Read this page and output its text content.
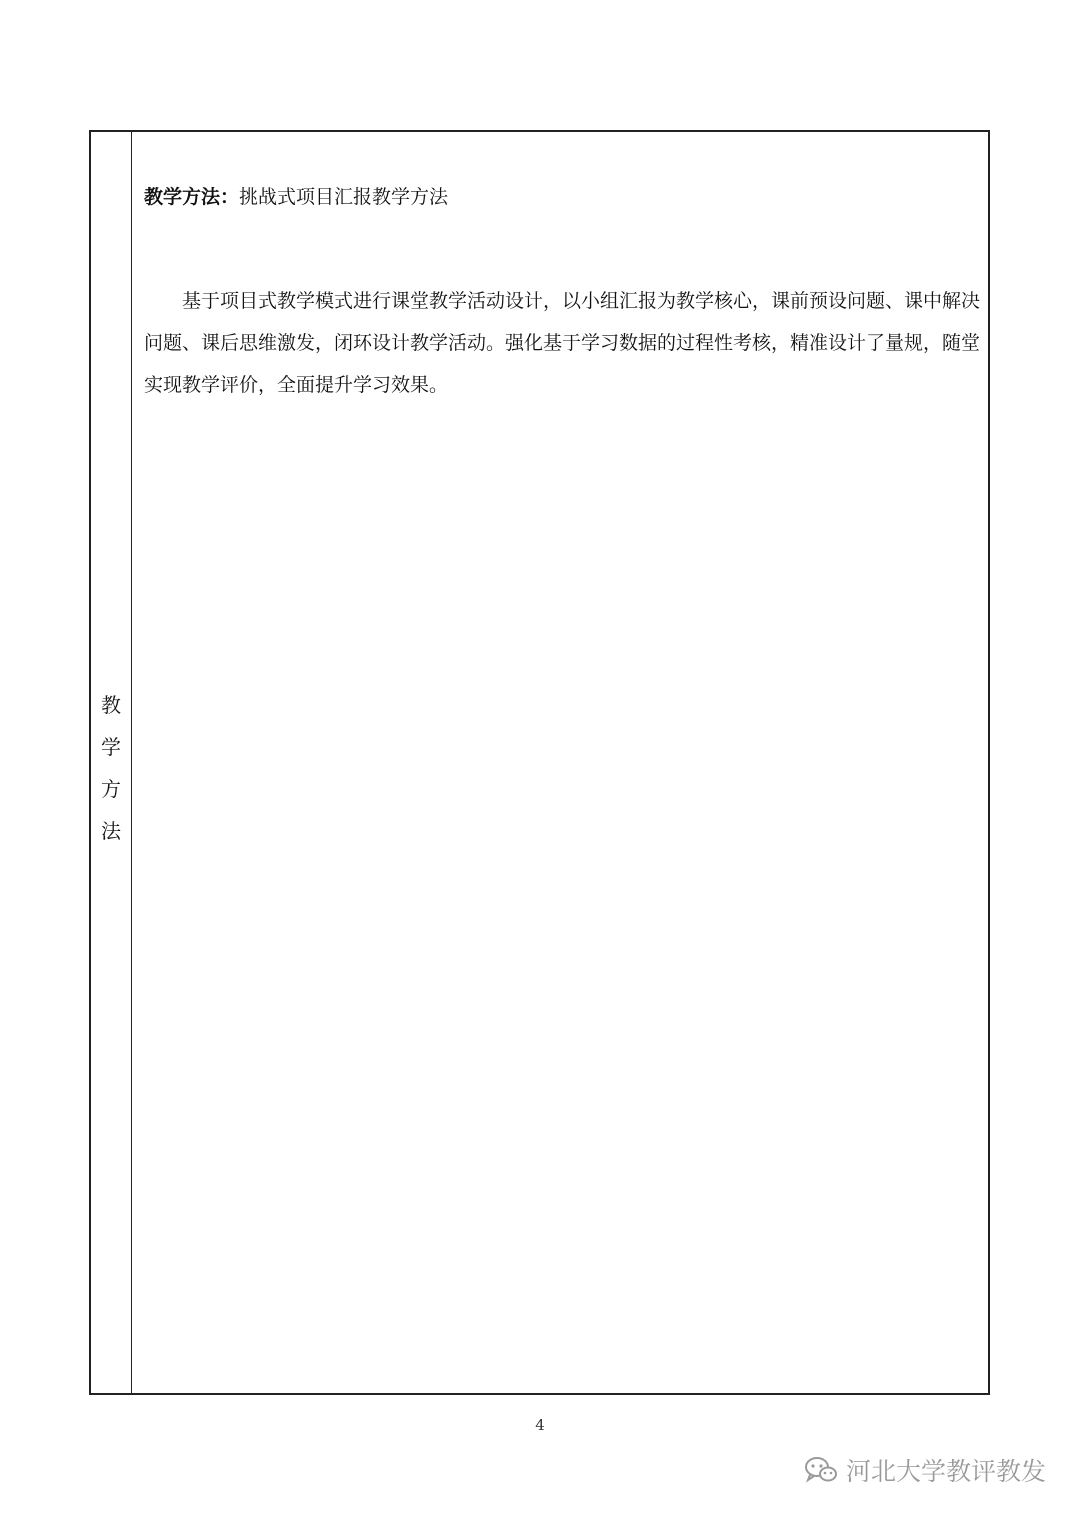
教
学
方
法
教学方法：挑战式项目汇报教学方法

基于项目式教学模式进行课堂教学活动设计，以小组汇报为教学核心，课前预设问题、课中解决问题、课后思维激发，闭环设计教学活动。强化基于学习数据的过程性考核，精准设计了量规，随堂实现教学评价，全面提升学习效果。

4
河北大学教评教发
